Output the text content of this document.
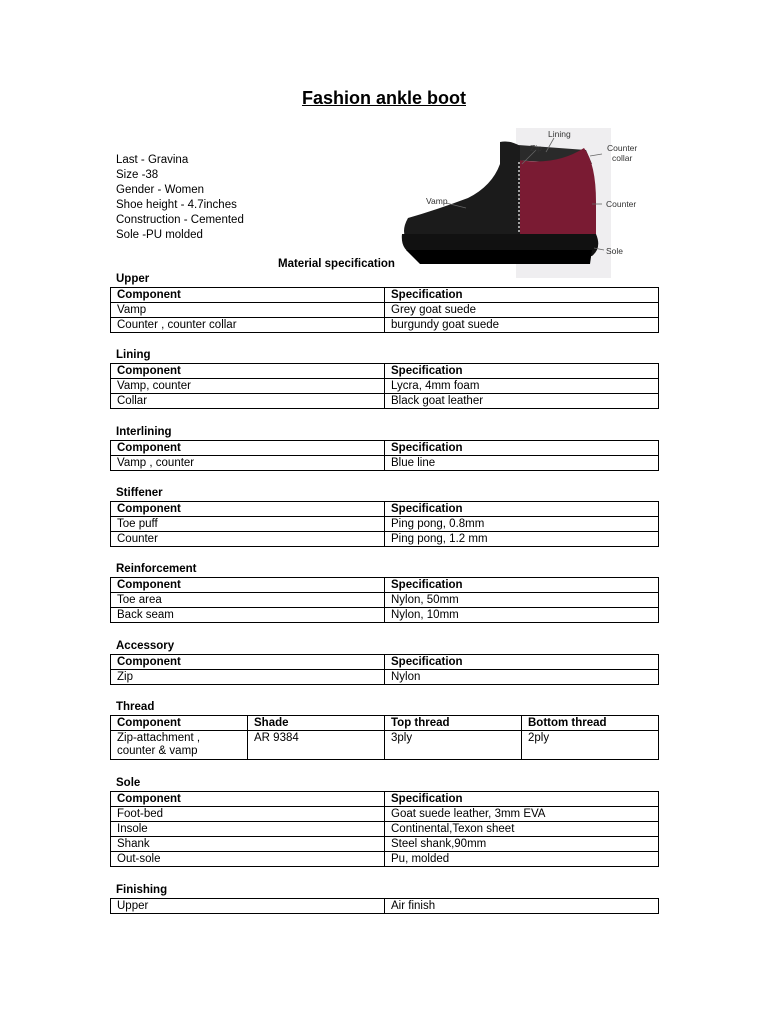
Fashion ankle boot
Last - Gravina
Size -38
Gender - Women
Shoe height - 4.7inches
Construction - Cemented
Sole -PU molded
Lining
Zip	Counter
collar
Vamp	Counter
Sole
Material specification
Upper
Component	Specification
Vamp	Grey goat suede
Counter , counter collar	burgundy goat suede
Lining
Component	Specification
Vamp, counter	Lycra, 4mm foam
Collar	Black goat leather
Interlining
Component	Specification
Vamp , counter	Blue line
Stiffener
Component	Specification
Toe puff	Ping pong, 0.8mm
Counter	Ping pong, 1.2 mm
Reinforcement
Component	Specification
Toe area	Nylon, 50mm
Back seam	Nylon, 10mm
Accessory
Component	Specification
Zip	Nylon
Thread
Component	Shade	Top thread	Bottom thread
Zip-attachment , counter & vamp	AR 9384	3ply	2ply
Sole
Component	Specification
Foot-bed	Goat suede leather, 3mm EVA
Insole	Continental,Texon sheet
Shank	Steel shank,90mm
Out-sole	Pu, molded
Finishing
Upper	Air finish
